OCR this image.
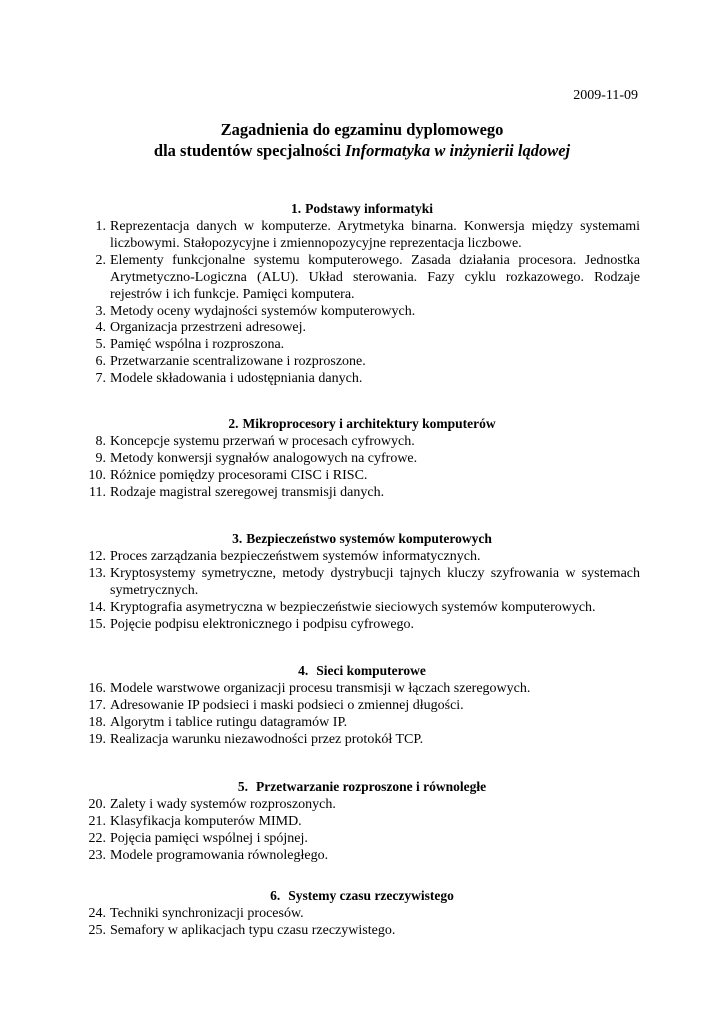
2009-11-09
Zagadnienia do egzaminu dyplomowego
dla studentów specjalności Informatyka w inżynierii lądowej
1. Podstawy informatyki
1. Reprezentacja danych w komputerze. Arytmetyka binarna. Konwersja między systemami liczbowymi. Stałopozycyjne i zmiennopozycyjne reprezentacja liczbowe.
2. Elementy funkcjonalne systemu komputerowego. Zasada działania procesora. Jednostka Arytmetyczno-Logiczna (ALU). Układ sterowania. Fazy cyklu rozkazowego. Rodzaje rejestrów i ich funkcje. Pamięci komputera.
3. Metody oceny wydajności systemów komputerowych.
4. Organizacja przestrzeni adresowej.
5. Pamięć wspólna i rozproszona.
6. Przetwarzanie scentralizowane i rozproszone.
7. Modele składowania i udostępniania danych.
2. Mikroprocesory i architektury komputerów
8. Koncepcje systemu przerwań w procesach cyfrowych.
9. Metody konwersji sygnałów analogowych na cyfrowe.
10. Różnice pomiędzy procesorami CISC i RISC.
11. Rodzaje magistral szeregowej transmisji danych.
3. Bezpieczeństwo systemów komputerowych
12. Proces zarządzania bezpieczeństwem systemów informatycznych.
13. Kryptosystemy symetryczne, metody dystrybucji tajnych kluczy szyfrowania w systemach symetrycznych.
14. Kryptografia asymetryczna w bezpieczeństwie sieciowych systemów komputerowych.
15. Pojęcie podpisu elektronicznego i podpisu cyfrowego.
4. Sieci komputerowe
16. Modele warstwowe organizacji procesu transmisji w łączach szeregowych.
17. Adresowanie IP podsieci i maski podsieci o zmiennej długości.
18. Algorytm i tablice rutingu datagramów IP.
19. Realizacja warunku niezawodności przez protokół TCP.
5. Przetwarzanie rozproszone i równoległe
20. Zalety i wady systemów rozproszonych.
21. Klasyfikacja komputerów MIMD.
22. Pojęcia pamięci wspólnej i spójnej.
23. Modele programowania równoległego.
6. Systemy czasu rzeczywistego
24. Techniki synchronizacji procesów.
25. Semafory w aplikacjach typu czasu rzeczywistego.
